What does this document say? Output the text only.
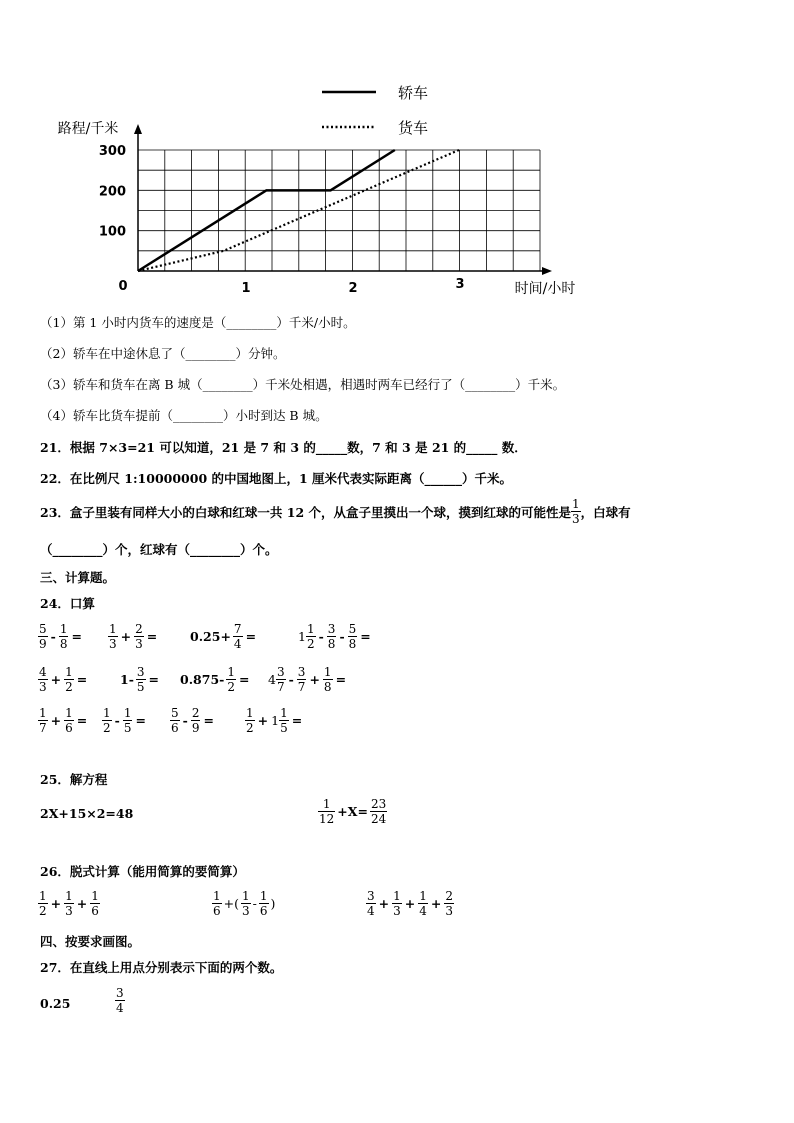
路程/千米
时间/小时
0
100
200
300
1	2	3
轿车
货车
（1）第 1 小时内货车的速度是（________）千米/小时。
（2）轿车在中途休息了（________）分钟。
（3）轿车和货车在离 B 城（________）千米处相遇，相遇时两车已经行了（________）千米。
（4）轿车比货车提前（________）小时到达 B 城。
21．根据 7×3=21 可以知道，21 是 7 和 3 的_____数，7 和 3 是 21 的_____ 数．
22．在比例尺 1:10000000 的中国地图上，1 厘米代表实际距离（______）千米。
23．盒子里装有同样大小的白球和红球一共 12 个，从盒子里摸出一个球，摸到红球的可能性是 $\frac{1}{3}$ ，白球有
（________）个，红球有（________）个。
三、计算题。
24．口算
$\frac{5}{9} - \frac{1}{8} = \frac{1}{3} + \frac{2}{3}$ =	$0.25+ \frac{7}{4}$ =	$1 \frac{1}{2} - \frac{3}{8} - \frac{5}{8}$ =
$\frac{4}{3} + \frac{1}{2}$ =	$1- \frac{3}{5} = 0.875- \frac{1}{2} = 4 \frac{3}{7} - \frac{3}{7} + \frac{1}{8}$ =
$\frac{1}{7} + \frac{1}{6} = \frac{1}{2} - \frac{1}{5} = \frac{5}{6} - \frac{2}{9}$ =	$\frac{1}{2} + 1 \frac{1}{5}$ =
25．解方程
2X+15×2=48	$\frac{1}{12} +X= \frac{23}{24}$
26．脱式计算（能用简算的要简算）
$\frac{1}{2} + \frac{1}{3} + \frac{1}{6}$	$\frac{1}{6}$ +( $\frac{1}{3} - \frac{1}{6}$ )	$\frac{3}{4} + \frac{1}{3} + \frac{1}{4} + \frac{2}{3}$
四、按要求画图。
27．在直线上用点分别表示下面的两个数。
0.25	$\frac{3}{4}$
